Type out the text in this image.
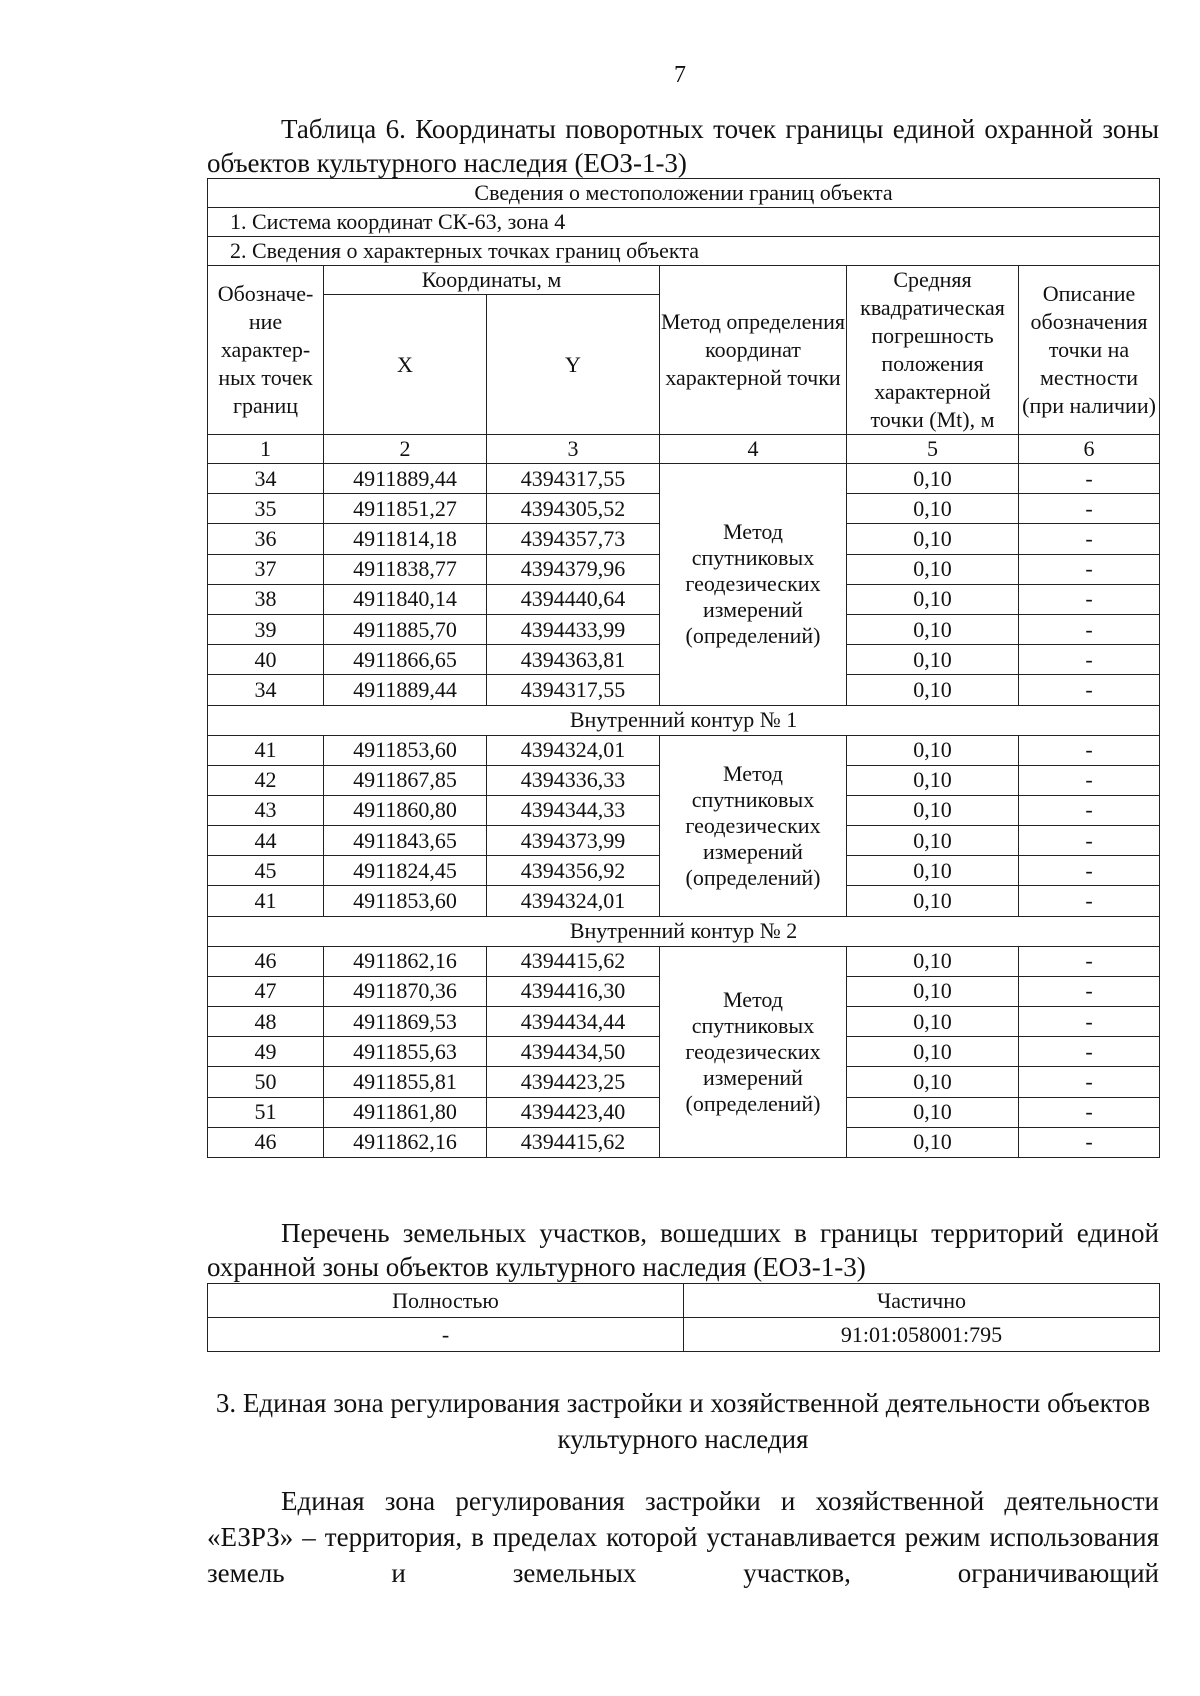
7
Таблица 6. Координаты поворотных точек границы единой охранной зоны объектов культурного наследия (ЕОЗ-1-3)
Сведения о местоположении границ объекта					
1. Система координат СК-63, зона 4					
2. Сведения о характерных точках границ объекта					
Обозначе-ние характер-ных точек границ	Координаты, м		Метод определения координат характерной точки	Средняя квадратическая погрешность положения характерной точки (Mt), м	Описание обозначения точки на местности (при наличии)
	X	Y			
1	2	3	4	5	6
34	4911889,44	4394317,55	Метод спутниковых геодезических измерений (определений)	0,10	-
35	4911851,27	4394305,52		0,10	-
36	4911814,18	4394357,73		0,10	-
37	4911838,77	4394379,96		0,10	-
38	4911840,14	4394440,64		0,10	-
39	4911885,70	4394433,99		0,10	-
40	4911866,65	4394363,81		0,10	-
34	4911889,44	4394317,55		0,10	-
Внутренний контур № 1					
41	4911853,60	4394324,01	Метод спутниковых геодезических измерений (определений)	0,10	-
42	4911867,85	4394336,33		0,10	-
43	4911860,80	4394344,33		0,10	-
44	4911843,65	4394373,99		0,10	-
45	4911824,45	4394356,92		0,10	-
41	4911853,60	4394324,01		0,10	-
Внутренний контур № 2					
46	4911862,16	4394415,62	Метод спутниковых геодезических измерений (определений)	0,10	-
47	4911870,36	4394416,30		0,10	-
48	4911869,53	4394434,44		0,10	-
49	4911855,63	4394434,50		0,10	-
50	4911855,81	4394423,25		0,10	-
51	4911861,80	4394423,40		0,10	-
46	4911862,16	4394415,62		0,10	-
Перечень земельных участков, вошедших в границы территорий единой охранной зоны объектов культурного наследия (ЕОЗ-1-3)
Полностью	Частично
-	91:01:058001:795
3. Единая зона регулирования застройки и хозяйственной деятельности объектов культурного наследия
Единая зона регулирования застройки и хозяйственной деятельности «ЕЗРЗ» – территория, в пределах которой устанавливается режим использования земель и земельных участков, ограничивающий
